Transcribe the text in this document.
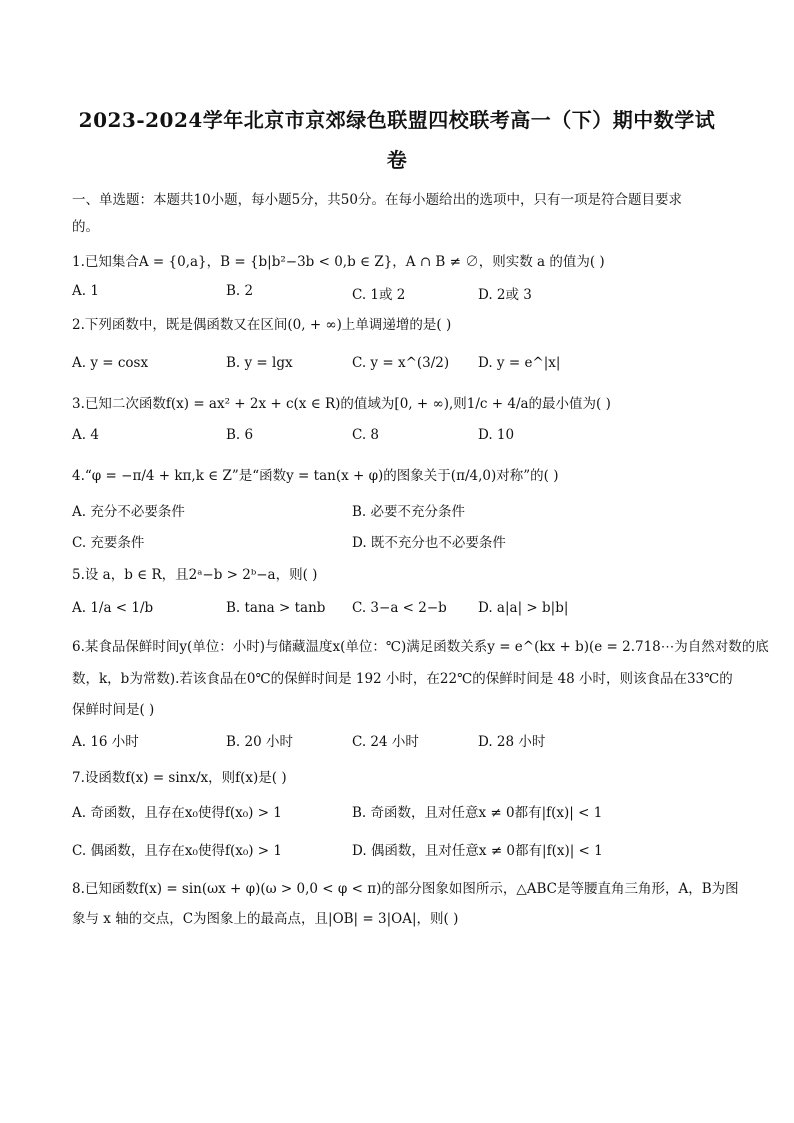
2023-2024学年北京市京郊绿色联盟四校联考高一（下）期中数学试
卷
一、单选题：本题共10小题，每小题5分，共50分。在每小题给出的选项中，只有一项是符合题目要求
的。
1.已知集合A = {0,a}，B = {b|b²−3b < 0,b ∈ Z}，A ∩ B ≠ ∅，则实数 a 的值为( )
A. 1	B. 2	C. 1或 2	D. 2或 3
2.下列函数中，既是偶函数又在区间(0, + ∞)上单调递增的是( )
A. y = cosx	B. y = lgx	C. y = x^(3/2) D. y = e^|x|
3.已知二次函数f(x) = ax² + 2x + c(x ∈ R)的值域为[0, + ∞),则1/c + 4/a的最小值为( )
A. 4	B. 6	C. 8	D. 10
4.“φ = −π/4 + kπ,k ∈ Z”是“函数y = tan(x + φ)的图象关于(π/4,0)对称”的( )
A. 充分不必要条件	B. 必要不充分条件
C. 充要条件	D. 既不充分也不必要条件
5.设 a，b ∈ R，且2ᵃ−b > 2ᵇ−a，则( )
A. 1/a < 1/b	B. tana > tanb C. 3−a < 2−b D. a|a| > b|b|
6.某食品保鲜时间y(单位：小时)与储藏温度x(单位：℃)满足函数关系y = e^(kx + b)(e = 2.718⋯为自然对数的底
数，k，b为常数).若该食品在0℃的保鲜时间是 192 小时，在22℃的保鲜时间是 48 小时，则该食品在33℃的
保鲜时间是( )
A. 16 小时	B. 20 小时	C. 24 小时	D. 28 小时
7.设函数f(x) = sinx/x，则f(x)是( )
A. 奇函数，且存在x₀使得f(x₀) > 1	B. 奇函数，且对任意x ≠ 0都有|f(x)| < 1
C. 偶函数，且存在x₀使得f(x₀) > 1	D. 偶函数，且对任意x ≠ 0都有|f(x)| < 1
8.已知函数f(x) = sin(ωx + φ)(ω > 0,0 < φ < π)的部分图象如图所示，△ABC是等腰直角三角形，A，B为图
象与 x 轴的交点，C为图象上的最高点，且|OB| = 3|OA|，则( )
